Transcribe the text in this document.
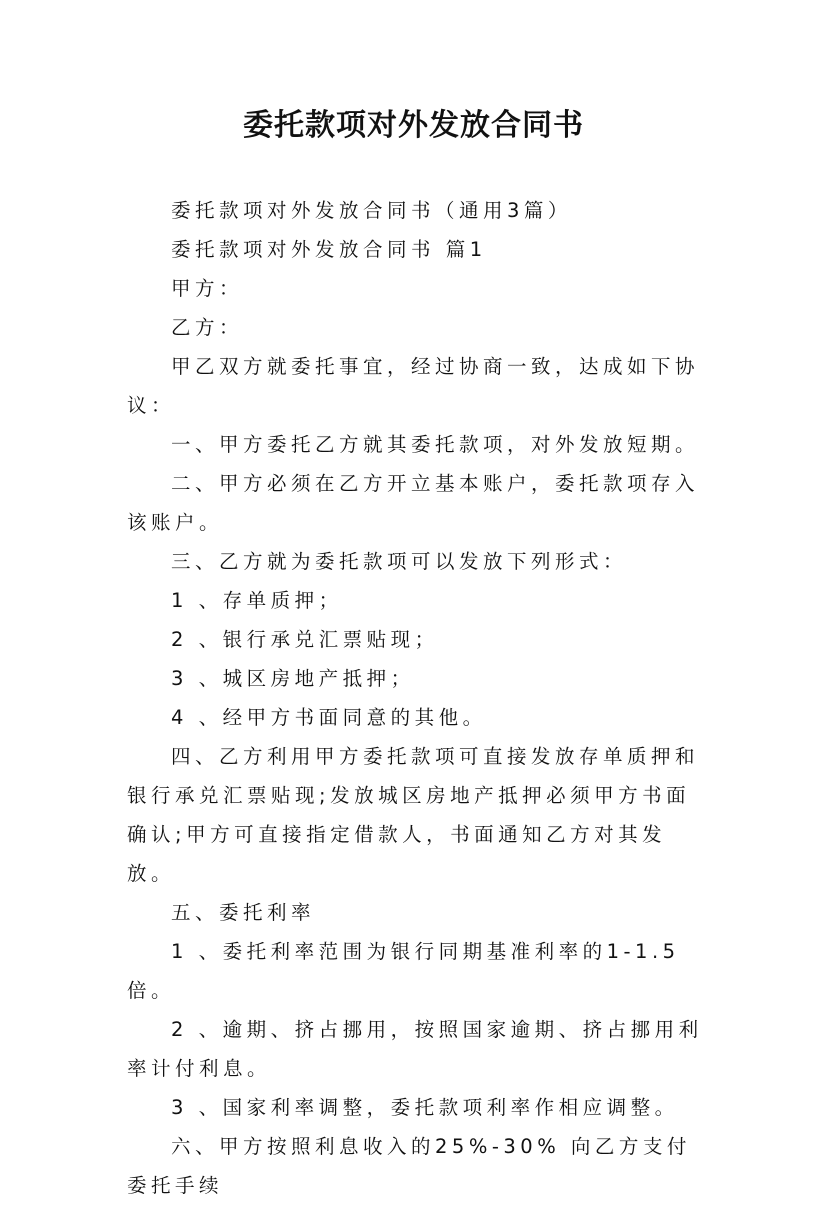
委托款项对外发放合同书

委托款项对外发放合同书（通用3篇）

委托款项对外发放合同书 篇1

甲方：

乙方：

甲乙双方就委托事宜，经过协商一致，达成如下协议：

一、甲方委托乙方就其委托款项，对外发放短期。

二、甲方必须在乙方开立基本账户，委托款项存入该账户。

三、乙方就为委托款项可以发放下列形式：

1 、存单质押；

2 、银行承兑汇票贴现；

3 、城区房地产抵押；

4 、经甲方书面同意的其他。

四、乙方利用甲方委托款项可直接发放存单质押和银行承兑汇票贴现;发放城区房地产抵押必须甲方书面确认;甲方可直接指定借款人，书面通知乙方对其发放。

五、委托利率

1 、委托利率范围为银行同期基准利率的1-1.5 倍。

2 、逾期、挤占挪用，按照国家逾期、挤占挪用利率计付利息。

3 、国家利率调整，委托款项利率作相应调整。

六、甲方按照利息收入的25%-30% 向乙方支付委托手续
